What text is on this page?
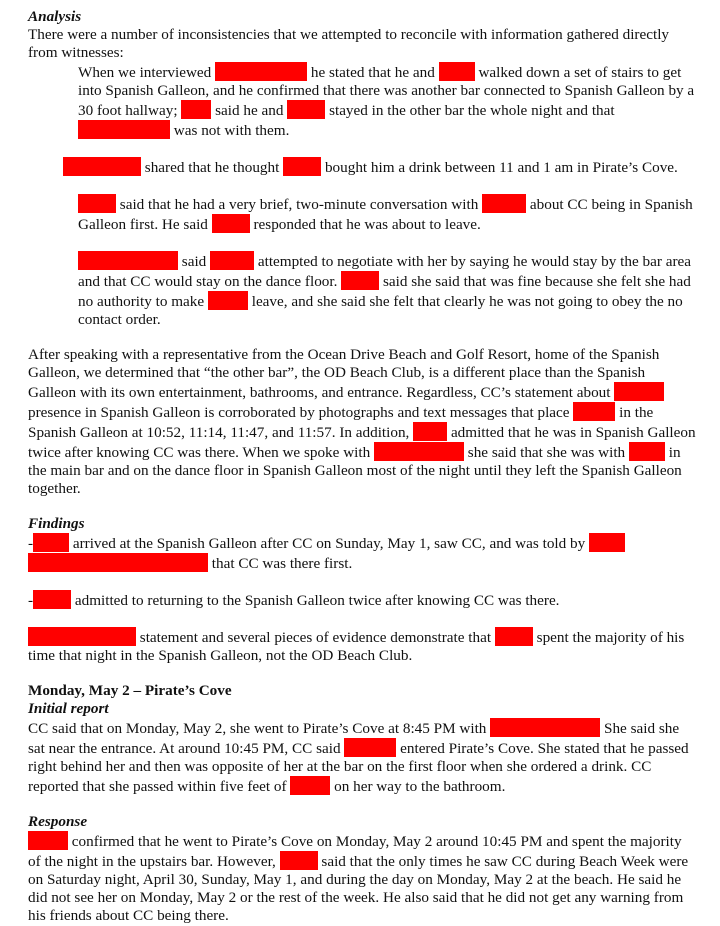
Analysis

There were a number of inconsistencies that we attempted to reconcile with information gathered directly from witnesses:

When we interviewed	he stated that he and	walked down a set of stairs to get into Spanish Galleon, and he confirmed that there was another bar connected to Spanish Galleon by a 30 foot hallway; said he and	stayed in the other bar the whole night and that  was not with them.

shared that he thought	bought him a drink between 11 and 1 am in Pirate’s Cove.

said that he had a very brief, two-minute conversation with	about CC being in Spanish Galleon first. He said	responded that he was about to leave.

said	attempted to negotiate with her by saying he would stay by the bar area and that CC would stay on the dance floor.	said she said that was fine because she felt she had no authority to make	leave, and she said she felt that clearly he was not going to obey the no contact order.

After speaking with a representative from the Ocean Drive Beach and Golf Resort, home of the Spanish Galleon, we determined that “the other bar”, the OD Beach Club, is a different place than the Spanish Galleon with its own entertainment, bathrooms, and entrance. Regardless, CC’s statement about  presence in Spanish Galleon is corroborated by photographs and text messages that place	in the Spanish Galleon at 10:52, 11:14, 11:47, and 11:57. In addition,	admitted that he was in Spanish Galleon twice after knowing CC was there. When we spoke with	she said that she was with	in the main bar and on the dance floor in Spanish Galleon most of the night until they left the Spanish Galleon together.

Findings

-	arrived at the Spanish Galleon after CC on Sunday, May 1, saw CC, and was told by   that CC was there first.

-	admitted to returning to the Spanish Galleon twice after knowing CC was there.

statement and several pieces of evidence demonstrate that	spent the majority of his time that night in the Spanish Galleon, not the OD Beach Club.

Monday, May 2 – Pirate’s Cove

Initial report

CC said that on Monday, May 2, she went to Pirate’s Cove at 8:45 PM with	She said she sat near the entrance. At around 10:45 PM, CC said	entered Pirate’s Cove. She stated that he passed right behind her and then was opposite of her at the bar on the first floor when she ordered a drink. CC reported that she passed within five feet of	on her way to the bathroom.

Response

confirmed that he went to Pirate’s Cove on Monday, May 2 around 10:45 PM and spent the majority of the night in the upstairs bar. However,	said that the only times he saw CC during Beach Week were on Saturday night, April 30, Sunday, May 1, and during the day on Monday, May 2 at the beach. He said he did not see her on Monday, May 2 or the rest of the week. He also said that he did not get any warning from his friends about CC being there.
